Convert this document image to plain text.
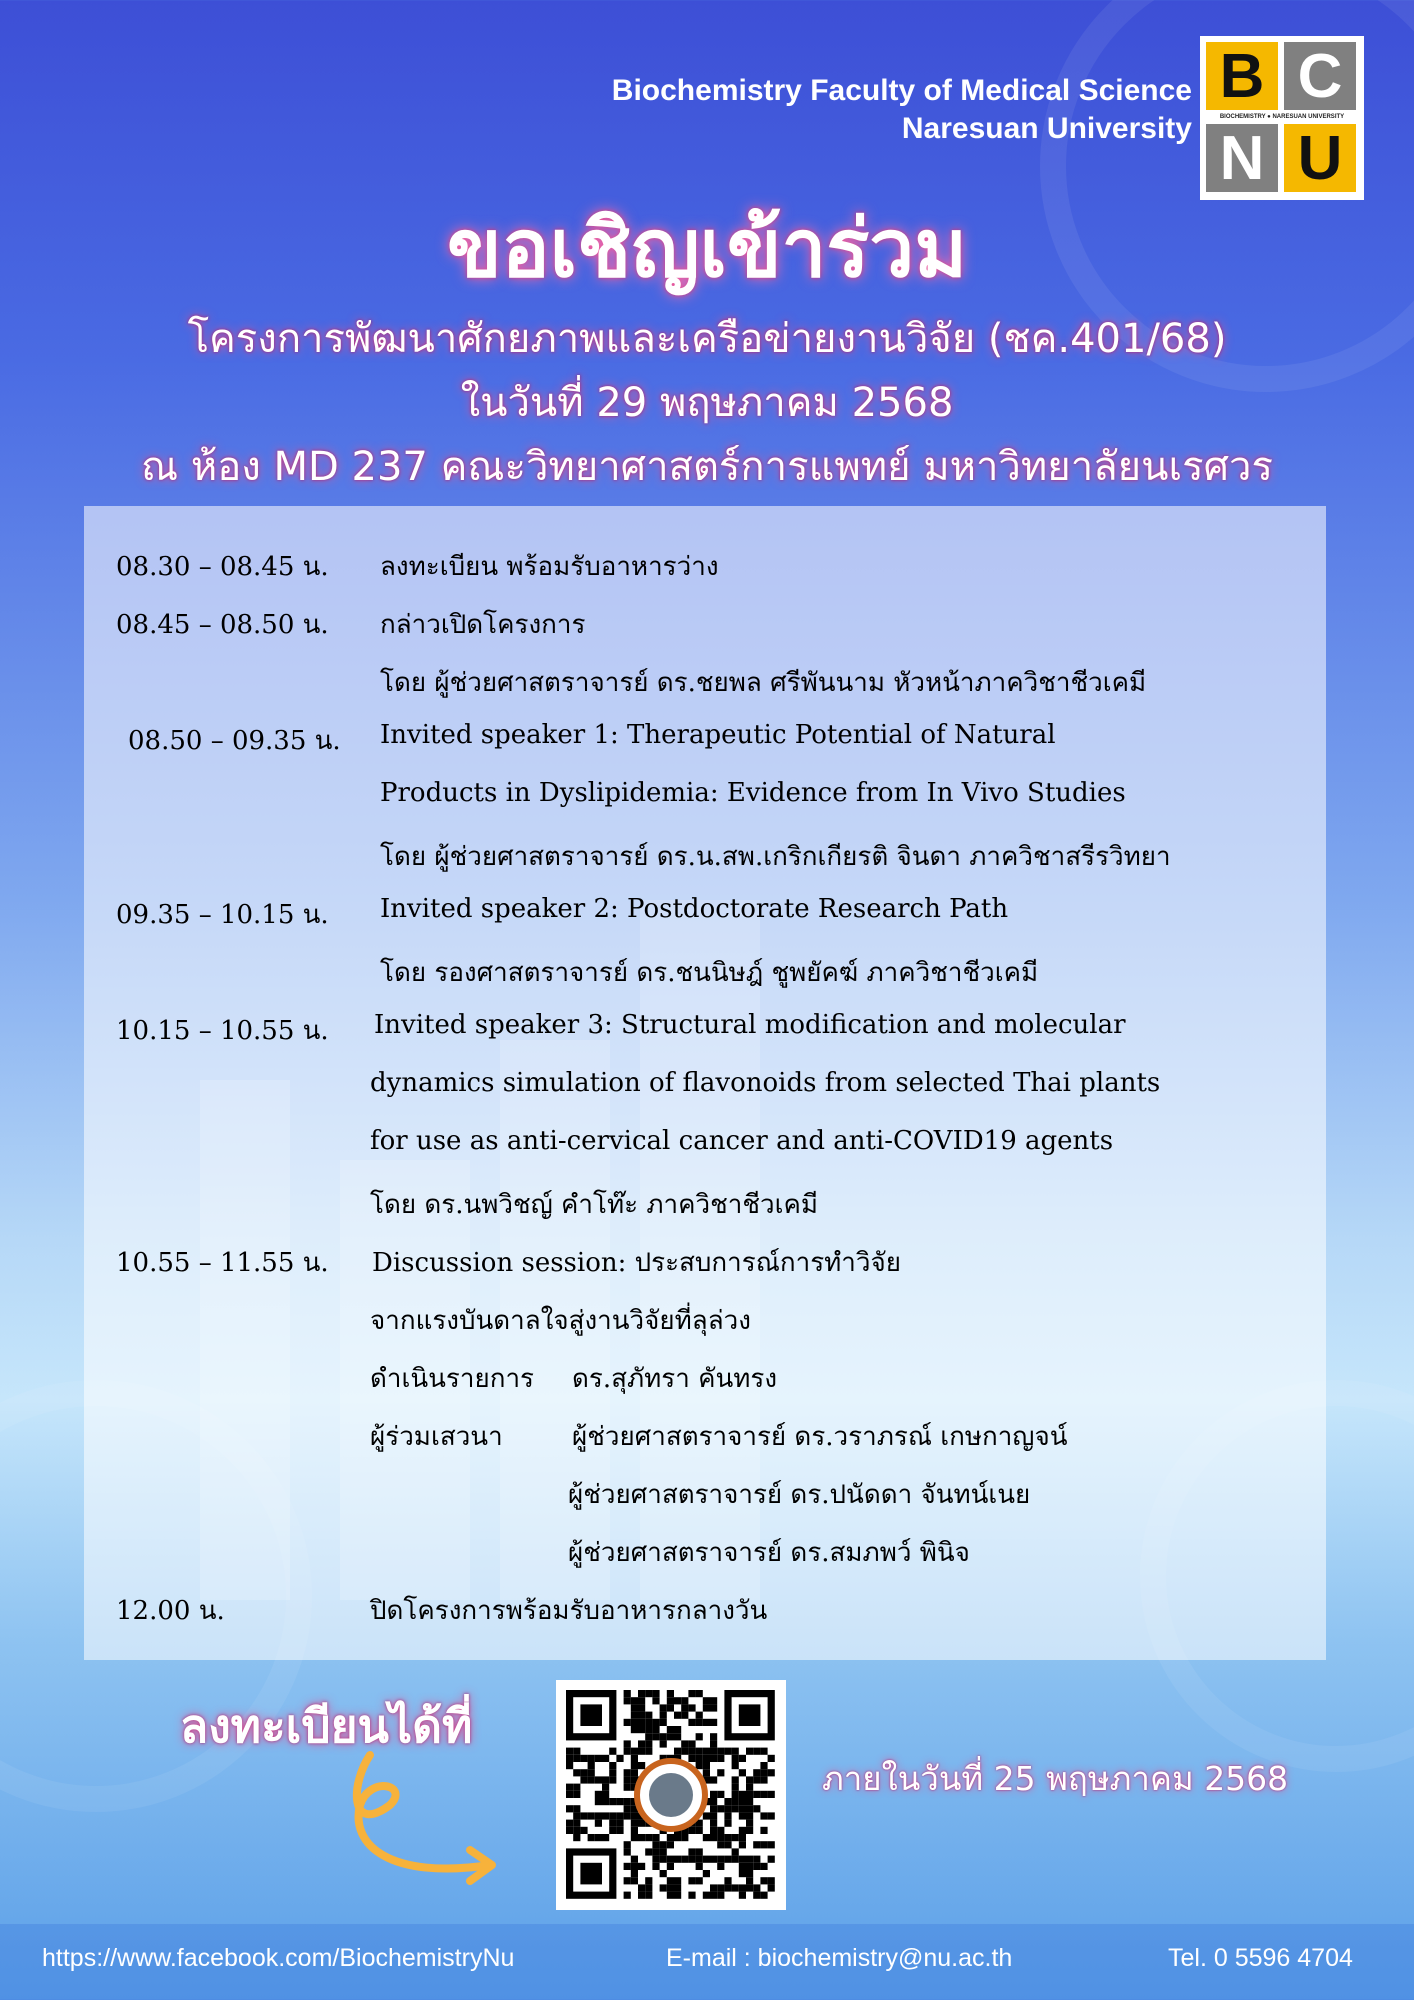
Biochemistry Faculty of Medical Science
Naresuan University
B C
BIOCHEMISTRY ● NARESUAN UNIVERSITY
N U
ขอเชิญเข้าร่วม
โครงการพัฒนาศักยภาพและเครือข่ายงานวิจัย (ชค.401/68)
ในวันที่ 29 พฤษภาคม 2568
ณ ห้อง MD 237 คณะวิทยาศาสตร์การแพทย์ มหาวิทยาลัยนเรศวร
08.30 – 08.45 น. ลงทะเบียน พร้อมรับอาหารว่าง
08.45 – 08.50 น. กล่าวเปิดโครงการ
โดย ผู้ช่วยศาสตราจารย์ ดร.ชยพล ศรีพันนาม หัวหน้าภาควิชาชีวเคมี
08.50 – 09.35 น. Invited speaker 1: Therapeutic Potential of Natural
Products in Dyslipidemia: Evidence from In Vivo Studies
โดย ผู้ช่วยศาสตราจารย์ ดร.น.สพ.เกริกเกียรติ จินดา ภาควิชาสรีรวิทยา
09.35 – 10.15 น. Invited speaker 2: Postdoctorate Research Path
โดย รองศาสตราจารย์ ดร.ชนนิษฎ์ ชูพยัคฆ์ ภาควิชาชีวเคมี
10.15 – 10.55 น. Invited speaker 3: Structural modification and molecular
dynamics simulation of flavonoids from selected Thai plants
for use as anti-cervical cancer and anti-COVID19 agents
โดย ดร.นพวิชญ์ คำโท๊ะ ภาควิชาชีวเคมี
10.55 – 11.55 น. Discussion session: ประสบการณ์การทำวิจัย
จากแรงบันดาลใจสู่งานวิจัยที่ลุล่วง
ดำเนินรายการ ดร.สุภัทรา คันทรง
ผู้ร่วมเสวนา	ผู้ช่วยศาสตราจารย์ ดร.วราภรณ์ เกษกาญจน์
ผู้ช่วยศาสตราจารย์ ดร.ปนัดดา จันทน์เนย
ผู้ช่วยศาสตราจารย์ ดร.สมภพว์ พินิจ
12.00 น.	ปิดโครงการพร้อมรับอาหารกลางวัน
ลงทะเบียนได้ที่
ภายในวันที่ 25 พฤษภาคม 2568
https://www.facebook.com/BiochemistryNu	E-mail : biochemistry@nu.ac.th	Tel. 0 5596 4704
